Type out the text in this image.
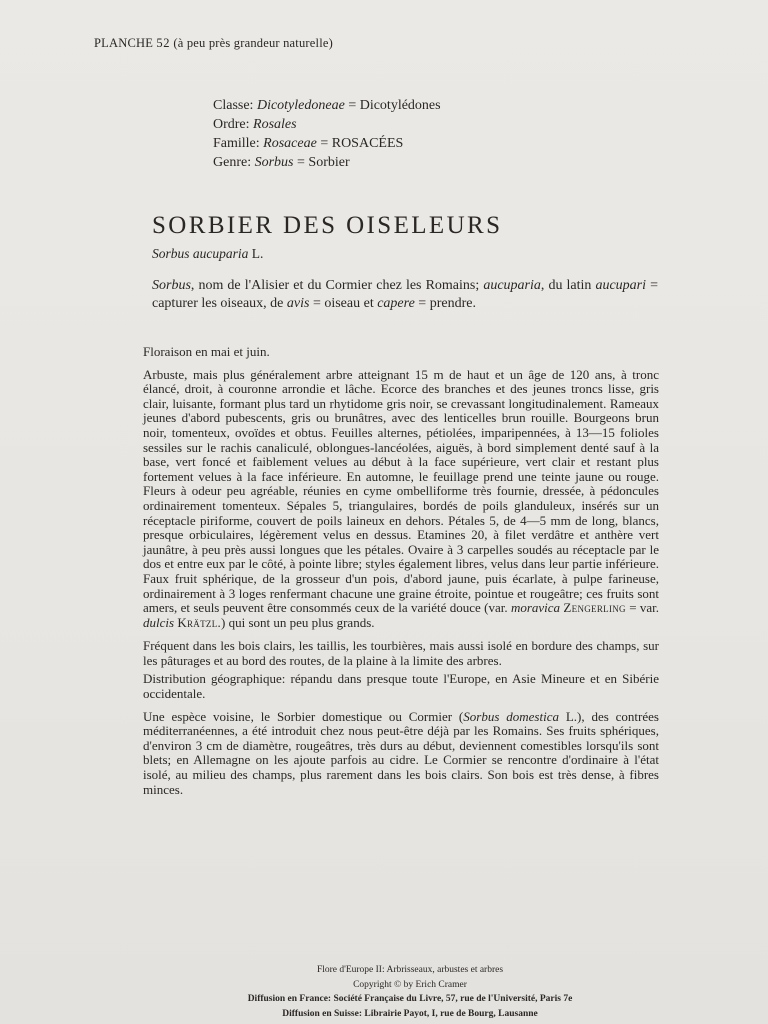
PLANCHE 52 (à peu près grandeur naturelle)
Classe: Dicotyledoneae = Dicotylédones
Ordre: Rosales
Famille: Rosaceae = ROSACÉES
Genre: Sorbus = Sorbier
SORBIER DES OISELEURS
Sorbus aucuparia L.
Sorbus, nom de l'Alisier et du Cormier chez les Romains; aucuparia, du latin aucupari = capturer les oiseaux, de avis = oiseau et capere = prendre.

Floraison en mai et juin.

Arbuste, mais plus généralement arbre atteignant 15 m de haut et un âge de 120 ans, à tronc élancé, droit, à couronne arrondie et lâche. Ecorce des branches et des jeunes troncs lisse, gris clair, luisante, formant plus tard un rhytidome gris noir, se crevassant longitudinalement. Rameaux jeunes d'abord pubescents, gris ou brunâtres, avec des lenticelles brun rouille. Bourgeons brun noir, tomenteux, ovoïdes et obtus. Feuilles alternes, pétiolées, imparipennées, à 13—15 folioles sessiles sur le rachis canaliculé, oblongues-lancéolées, aiguës, à bord simplement denté sauf à la base, vert foncé et faiblement velues au début à la face supérieure, vert clair et restant plus fortement velues à la face inférieure. En automne, le feuillage prend une teinte jaune ou rouge. Fleurs à odeur peu agréable, réunies en cyme ombelliforme très fournie, dressée, à pédoncules ordinairement tomenteux. Sépales 5, triangulaires, bordés de poils glanduleux, insérés sur un réceptacle piriforme, couvert de poils laineux en dehors. Pétales 5, de 4—5 mm de long, blancs, presque orbiculaires, légèrement velus en dessus. Etamines 20, à filet verdâtre et anthère vert jaunâtre, à peu près aussi longues que les pétales. Ovaire à 3 carpelles soudés au réceptacle par le dos et entre eux par le côté, à pointe libre; styles également libres, velus dans leur partie inférieure. Faux fruit sphérique, de la grosseur d'un pois, d'abord jaune, puis écarlate, à pulpe farineuse, ordinairement à 3 loges renfermant chacune une graine étroite, pointue et rougeâtre; ces fruits sont amers, et seuls peuvent être consommés ceux de la variété douce (var. moravica Zengerling = var. dulcis Krätzl.) qui sont un peu plus grands.

Fréquent dans les bois clairs, les taillis, les tourbières, mais aussi isolé en bordure des champs, sur les pâturages et au bord des routes, de la plaine à la limite des arbres.

Distribution géographique: répandu dans presque toute l'Europe, en Asie Mineure et en Sibérie occidentale.

Une espèce voisine, le Sorbier domestique ou Cormier (Sorbus domestica L.), des contrées méditerranéennes, a été introduit chez nous peut-être déjà par les Romains. Ses fruits sphériques, d'environ 3 cm de diamètre, rougeâtres, très durs au début, deviennent comestibles lorsqu'ils sont blets; en Allemagne on les ajoute parfois au cidre. Le Cormier se rencontre d'ordinaire à l'état isolé, au milieu des champs, plus rarement dans les bois clairs. Son bois est très dense, à fibres minces.

Flore d'Europe II: Arbrisseaux, arbustes et arbres
Copyright © by Erich Cramer
Diffusion en France: Société Française du Livre, 57, rue de l'Université, Paris 7e
Diffusion en Suisse: Librairie Payot, I, rue de Bourg, Lausanne
